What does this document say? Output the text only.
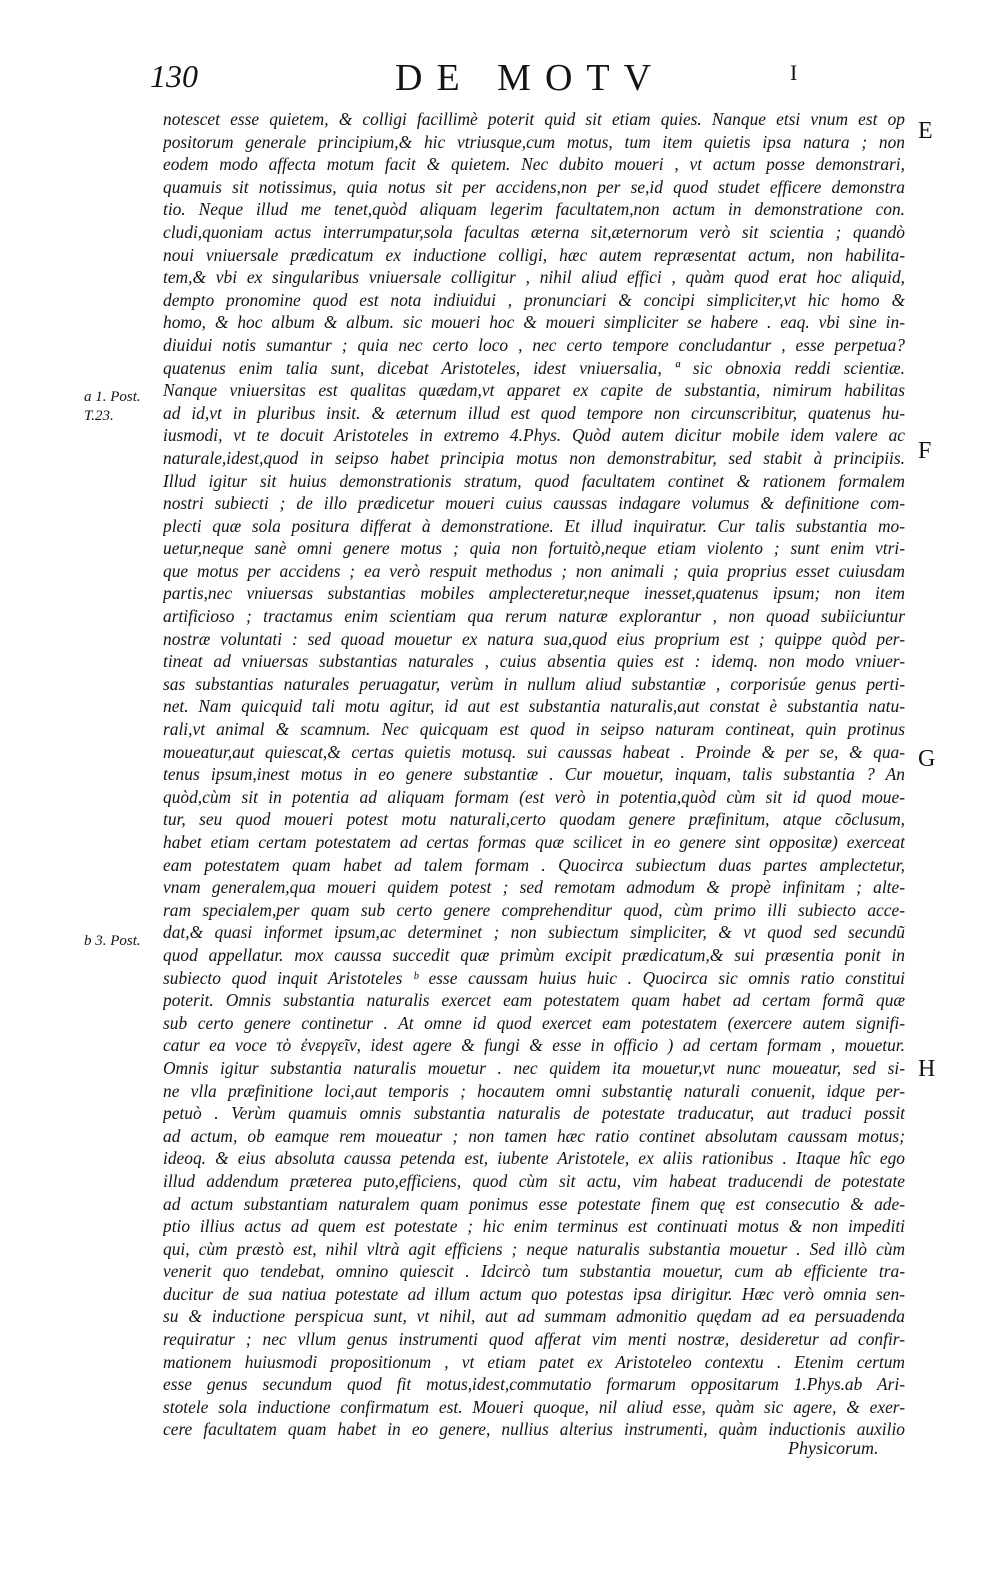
130	DE MOTV	I
notescet esse quietem, & colligi facillimè poterit quid sit etiam quies. Nanque etsi vnum est op
positorum generale principium,& hic vtriusque,cum motus, tum item quietis ipsa natura ; non
eodem modo affecta motum facit & quietem. Nec dubito moueri , vt actum posse demonstrari,
quamuis sit notissimus, quia notus sit per accidens,non per se,id quod studet efficere demonstra
tio. Neque illud me tenet,quòd aliquam legerim facultatem,non actum in demonstratione con.
cludi,quoniam actus interrumpatur,sola facultas æterna sit,æternorum verò sit scientia ; quandò
noui vniuersale prædicatum ex inductione colligi, hæc autem repræsentat actum, non habilita-
tem,& vbi ex singularibus vniuersale colligitur , nihil aliud effici , quàm quod erat hoc aliquid,
dempto pronomine quod est nota indiuidui , pronunciari & concipi simpliciter,vt hic homo &
homo, & hoc album & album. sic moueri hoc & moueri simpliciter se habere . eaq. vbi sine in-
diuidui notis sumantur ; quia nec certo loco , nec certo tempore concludantur , esse perpetua?
quatenus enim talia sunt, dicebat Aristoteles, idest vniuersalia, ª sic obnoxia reddi scientiæ.
Nanque vniuersitas est qualitas quædam,vt apparet ex capite de substantia, nimirum habilitas
ad id,vt in pluribus insit. & æternum illud est quod tempore non circunscribitur, quatenus hu-
iusmodi, vt te docuit Aristoteles in extremo 4.Phys. Quòd autem dicitur mobile idem valere ac
naturale,idest,quod in seipso habet principia motus non demonstrabitur, sed stabit à principiis.
Illud igitur sit huius demonstrationis stratum, quod facultatem continet & rationem formalem
nostri subiecti ; de illo prædicetur moueri cuius caussas indagare volumus & definitione com-
plecti quæ sola positura differat à demonstratione. Et illud inquiratur. Cur talis substantia mo-
uetur,neque sanè omni genere motus ; quia non fortuitò,neque etiam violento ; sunt enim vtri-
que motus per accidens ; ea verò respuit methodus ; non animali ; quia proprius esset cuiusdam
partis,nec vniuersas substantias mobiles amplecteretur,neque inesset,quatenus ipsum; non item
artificioso ; tractamus enim scientiam qua rerum naturæ explorantur , non quoad subiiciuntur
nostræ voluntati : sed quoad mouetur ex natura sua,quod eius proprium est ; quippe quòd per-
tineat ad vniuersas substantias naturales , cuius absentia quies est : idemq. non modo vniuer-
sas substantias naturales peruagatur, verùm in nullum aliud substantiæ , corporisúe genus perti-
net. Nam quicquid tali motu agitur, id aut est substantia naturalis,aut constat è substantia natu-
rali,vt animal & scamnum. Nec quicquam est quod in seipso naturam contineat, quin protinus
moueatur,aut quiescat,& certas quietis motusq. sui caussas habeat . Proinde & per se, & qua-
tenus ipsum,inest motus in eo genere substantiæ . Cur mouetur, inquam, talis substantia ? An
quòd,cùm sit in potentia ad aliquam formam (est verò in potentia,quòd cùm sit id quod moue-
tur, seu quod moueri potest motu naturali,certo quodam genere præfinitum, atque cõclusum,
habet etiam certam potestatem ad certas formas quæ scilicet in eo genere sint oppositæ) exerceat
eam potestatem quam habet ad talem formam . Quocirca subiectum duas partes amplectetur,
vnam generalem,qua moueri quidem potest ; sed remotam admodum & propè infinitam ; alte-
ram specialem,per quam sub certo genere comprehenditur quod, cùm primo illi subiecto acce-
dat,& quasi informet ipsum,ac determinet ; non subiectum simpliciter, & vt quod sed secundũ
quod appellatur. mox caussa succedit quæ primùm excipit prædicatum,& sui præsentia ponit in
subiecto quod inquit Aristoteles ᵇ esse caussam huius huic . Quocirca sic omnis ratio constitui
poterit. Omnis substantia naturalis exercet eam potestatem quam habet ad certam formã quæ
sub certo genere continetur . At omne id quod exercet eam potestatem (exercere autem signifi-
catur ea voce τὸ ἐνεργεῖν, idest agere & fungi & esse in officio ) ad certam formam , mouetur.
Omnis igitur substantia naturalis mouetur . nec quidem ita mouetur,vt nunc moueatur, sed si-
ne vlla præfinitione loci,aut temporis ; hocautem omni substantię naturali conuenit, idque per-
petuò . Verùm quamuis omnis substantia naturalis de potestate traducatur, aut traduci possit
ad actum, ob eamque rem moueatur ; non tamen hæc ratio continet absolutam caussam motus;
ideoq. & eius absoluta caussa petenda est, iubente Aristotele, ex aliis rationibus . Itaque hîc ego
illud addendum præterea puto,efficiens, quod cùm sit actu, vim habeat traducendi de potestate
ad actum substantiam naturalem quam ponimus esse potestate finem quę est consecutio & ade-
ptio illius actus ad quem est potestate ; hic enim terminus est continuati motus & non impediti
qui, cùm præstò est, nihil vltrà agit efficiens ; neque naturalis substantia mouetur . Sed illò cùm
venerit quo tendebat, omnino quiescit . Idcircò tum substantia mouetur, cum ab efficiente tra-
ducitur de sua natiua potestate ad illum actum quo potestas ipsa dirigitur. Hæc verò omnia sen-
su & inductione perspicua sunt, vt nihil, aut ad summam admonitio quędam ad ea persuadenda
requiratur ; nec vllum genus instrumenti quod afferat vim menti nostræ, desideretur ad confir-
mationem huiusmodi propositionum , vt etiam patet ex Aristoteleo contextu . Etenim certum
esse genus secundum quod fit motus,idest,commutatio formarum oppositarum 1.Phys.ab Ari-
stotele sola inductione confirmatum est. Moueri quoque, nil aliud esse, quàm sic agere, & exer-
cere facultatem quam habet in eo genere, nullius alterius instrumenti, quàm inductionis auxilio
a 1. Post.
T.23.
b 3. Post.
E
F
G
H
Physicorum.
